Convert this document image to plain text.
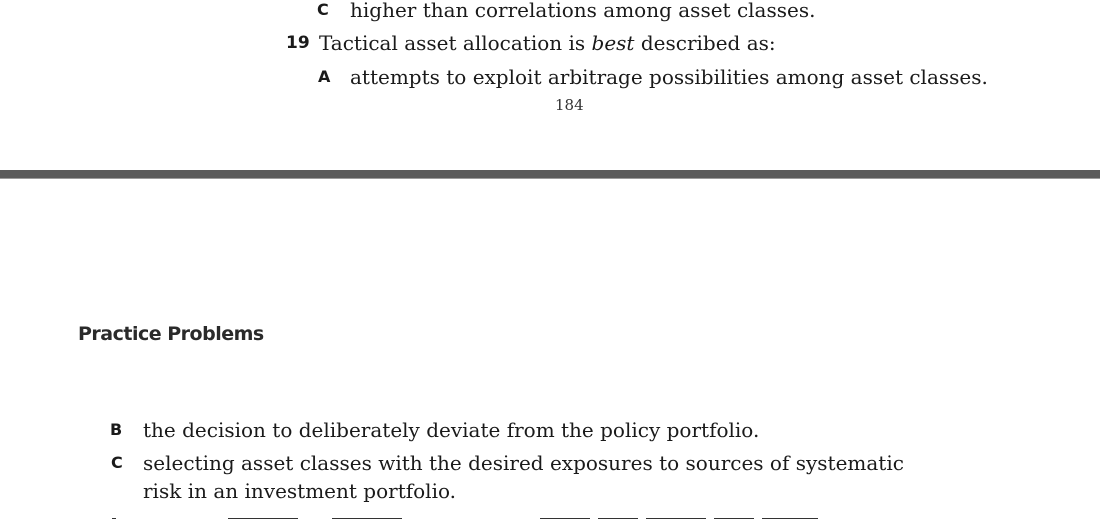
C higher than correlations among asset classes.
19 Tactical asset allocation is best described as:
A attempts to exploit arbitrage possibilities among asset classes.
184
Practice Problems
B the decision to deliberately deviate from the policy portfolio.
C selecting asset classes with the desired exposures to sources of systematic
risk in an investment portfolio.
